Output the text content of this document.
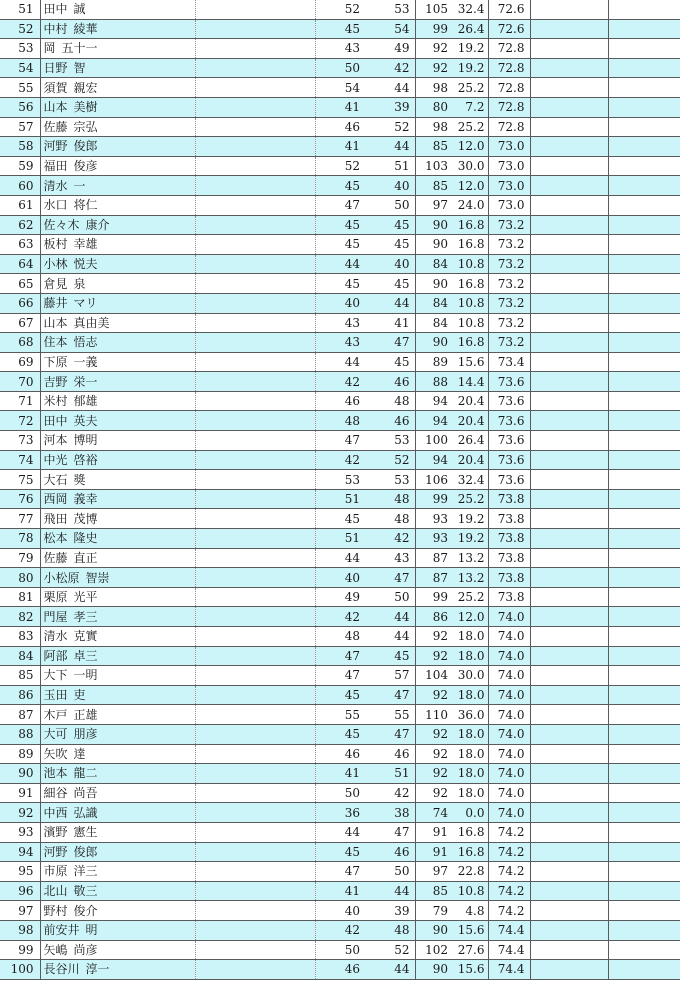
51	田中 誠		52	53	105	32.4	72.6		
52	中村 綾華		45	54	99	26.4	72.6		
53	岡 五十一		43	49	92	19.2	72.8		
54	日野 智		50	42	92	19.2	72.8		
55	須賀 親宏		54	44	98	25.2	72.8		
56	山本 美樹		41	39	80	7.2	72.8		
57	佐藤 宗弘		46	52	98	25.2	72.8		
58	河野 俊郎		41	44	85	12.0	73.0		
59	福田 俊彦		52	51	103	30.0	73.0		
60	清水 一		45	40	85	12.0	73.0		
61	水口 将仁		47	50	97	24.0	73.0		
62	佐々木 康介		45	45	90	16.8	73.2		
63	板村 幸雄		45	45	90	16.8	73.2		
64	小林 悦夫		44	40	84	10.8	73.2		
65	倉見 泉		45	45	90	16.8	73.2		
66	藤井 マリ		40	44	84	10.8	73.2		
67	山本 真由美		43	41	84	10.8	73.2		
68	住本 悟志		43	47	90	16.8	73.2		
69	下原 一義		44	45	89	15.6	73.4		
70	吉野 栄一		42	46	88	14.4	73.6		
71	米村 郁雄		46	48	94	20.4	73.6		
72	田中 英夫		48	46	94	20.4	73.6		
73	河本 博明		47	53	100	26.4	73.6		
74	中光 啓裕		42	52	94	20.4	73.6		
75	大石 獎		53	53	106	32.4	73.6		
76	西岡 義幸		51	48	99	25.2	73.8		
77	飛田 茂博		45	48	93	19.2	73.8		
78	松本 隆史		51	42	93	19.2	73.8		
79	佐藤 直正		44	43	87	13.2	73.8		
80	小松原 智崇		40	47	87	13.2	73.8		
81	栗原 光平		49	50	99	25.2	73.8		
82	門屋 孝三		42	44	86	12.0	74.0		
83	清水 克實		48	44	92	18.0	74.0		
84	阿部 卓三		47	45	92	18.0	74.0		
85	大下 一明		47	57	104	30.0	74.0		
86	玉田 吏		45	47	92	18.0	74.0		
87	木戸 正雄		55	55	110	36.0	74.0		
88	大可 朋彦		45	47	92	18.0	74.0		
89	矢吹 達		46	46	92	18.0	74.0		
90	池本 龍二		41	51	92	18.0	74.0		
91	細谷 尚吾		50	42	92	18.0	74.0		
92	中西 弘識		36	38	74	0.0	74.0		
93	濱野 憲生		44	47	91	16.8	74.2		
94	河野 俊郎		45	46	91	16.8	74.2		
95	市原 洋三		47	50	97	22.8	74.2		
96	北山 敬三		41	44	85	10.8	74.2		
97	野村 俊介		40	39	79	4.8	74.2		
98	前安井 明		42	48	90	15.6	74.4		
99	矢嶋 尚彦		50	52	102	27.6	74.4		
100	長谷川 淳一		46	44	90	15.6	74.4		
